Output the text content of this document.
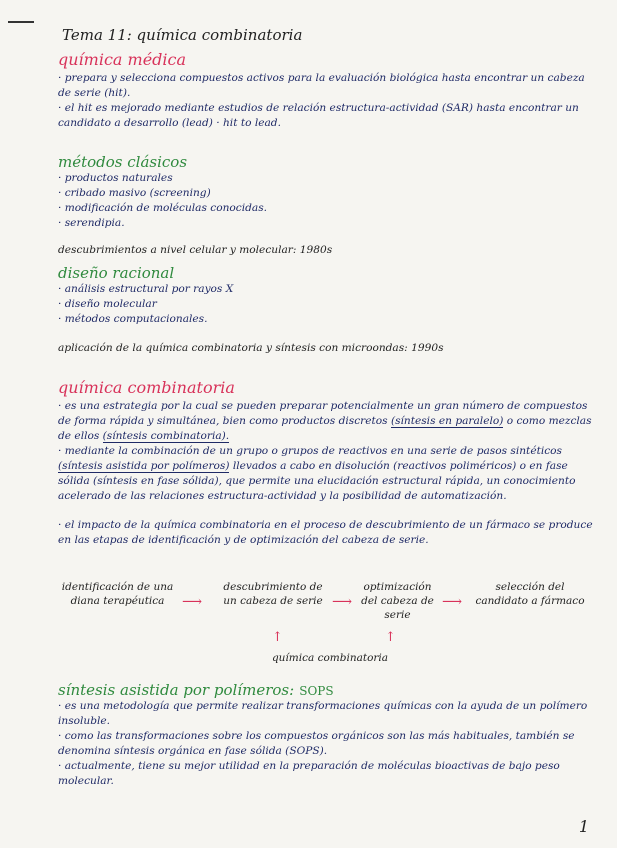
Tema 11: química combinatoria
química médica
· prepara y selecciona compuestos activos para la evaluación biológica hasta encontrar un cabeza de serie (hit).
· el hit es mejorado mediante estudios de relación estructura-actividad (SAR) hasta encontrar un candidato a desarrollo (lead) · hit to lead.
métodos clásicos
· productos naturales
· cribado masivo (screening)
· modificación de moléculas conocidas.
· serendipia.
descubrimientos a nivel celular y molecular: 1980s
diseño racional
· análisis estructural por rayos X
· diseño molecular
· métodos computacionales.
aplicación de la química combinatoria y síntesis con microondas: 1990s
química combinatoria
· es una estrategia por la cual se pueden preparar potencialmente un gran número de compuestos de forma rápida y simultánea, bien como productos discretos (síntesis en paralelo) o como mezclas de ellos (síntesis combinatoria).
· mediante la combinación de un grupo o grupos de reactivos en una serie de pasos sintéticos (síntesis asistida por polímeros) llevados a cabo en disolución (reactivos poliméricos) o en fase sólida (síntesis en fase sólida), que permite una elucidación estructural rápida, un conocimiento acelerado de las relaciones estructura-actividad y la posibilidad de automatización.
· el impacto de la química combinatoria en el proceso de descubrimiento de un fármaco se produce en las etapas de identificación y de optimización del cabeza de serie.
identificación de una diana terapéutica	⟶
descubrimiento de un cabeza de serie ⟶
optimización del cabeza de serie
⟶
selección del candidato a fármaco
↑	↑
química combinatoria
síntesis asistida por polímeros: SOPS
· es una metodología que permite realizar transformaciones químicas con la ayuda de un polímero insoluble.
· como las transformaciones sobre los compuestos orgánicos son las más habituales, también se denomina síntesis orgánica en fase sólida (SOPS).
· actualmente, tiene su mejor utilidad en la preparación de moléculas bioactivas de bajo peso molecular.
1
